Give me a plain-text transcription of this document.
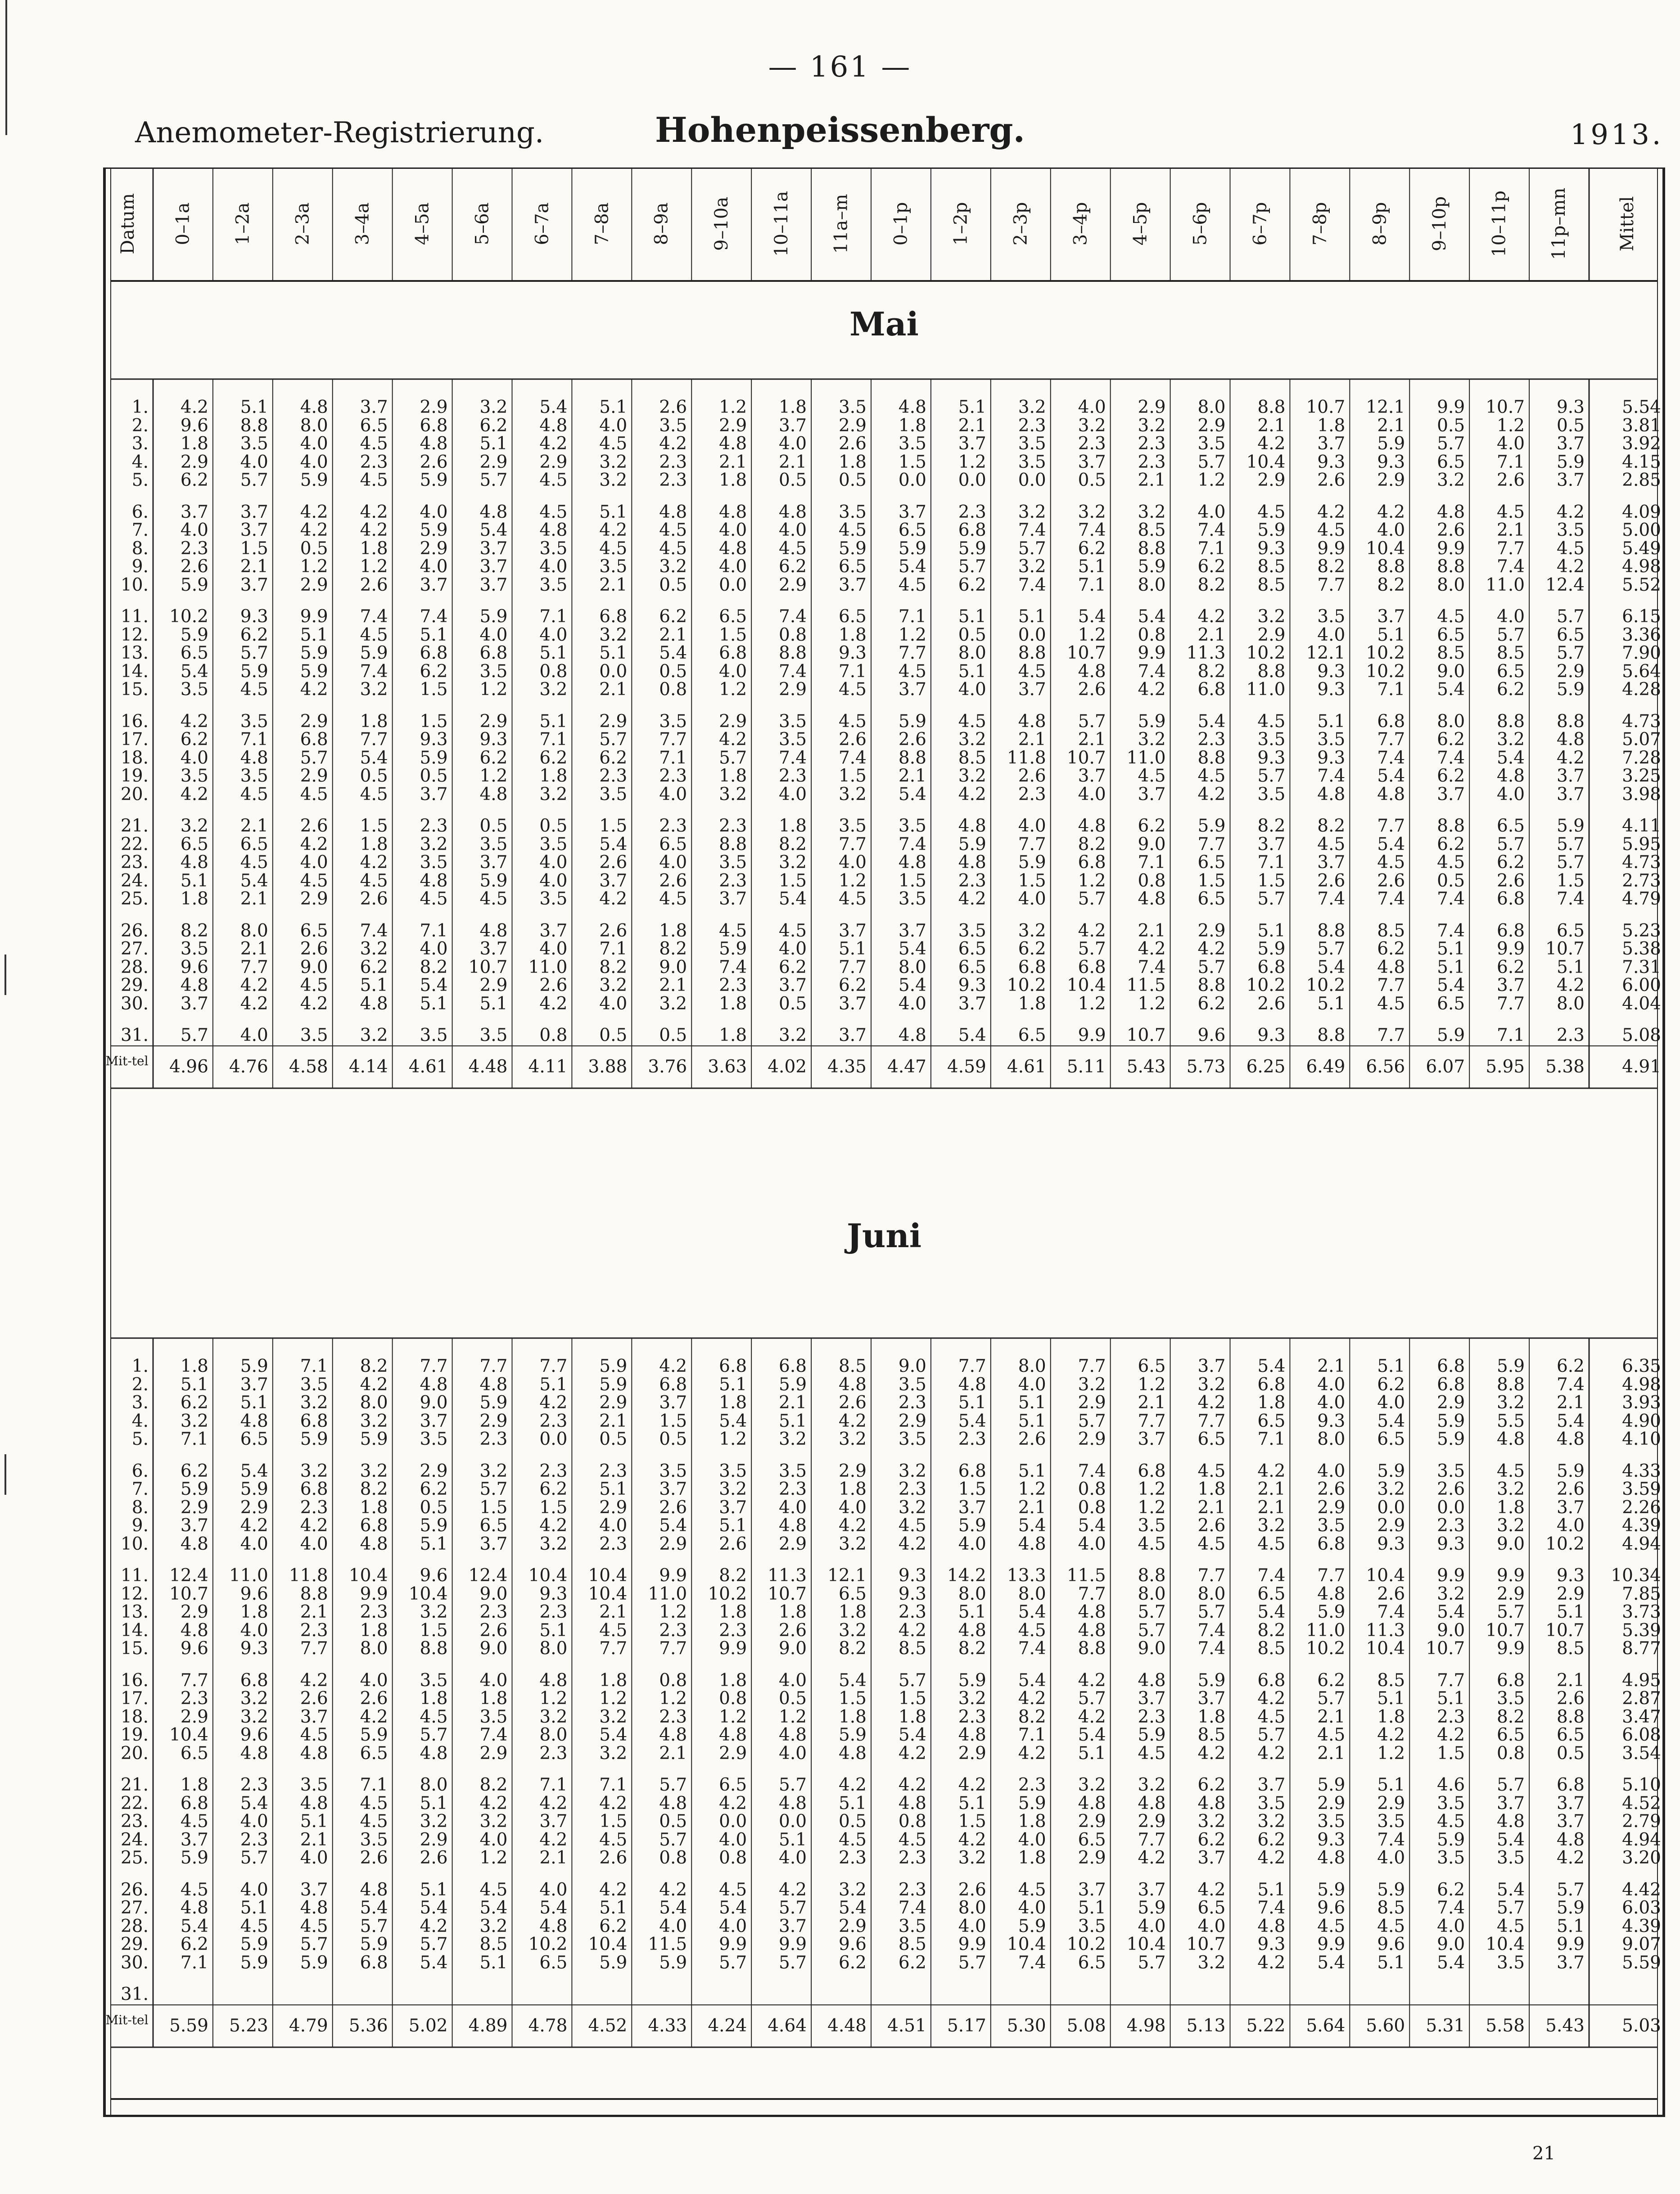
— 161 —
Anemometer-Registrierung.	Hohenpeissenberg.	1913.
Datum 0–1a 1–2a 2–3a 3–4a 4–5a 5–6a 6–7a 7–8a 8–9a 9–10a 10–11a 11a–m 0–1p 1–2p 2–3p 3–4p 4–5p 5–6p 6–7p 7–8p 8–9p 9–10p 10–11p 11p–mn	Mittel
Mai
1.	4.2	5.1	4.8	3.7	2.9	3.2	5.4	5.1	2.6	1.2	1.8	3.5	4.8	5.1	3.2	4.0	2.9	8.0	8.8	10.7	12.1	9.9	10.7	9.3	5.54
2.	9.6	8.8	8.0	6.5	6.8	6.2	4.8	4.0	3.5	2.9	3.7	2.9	1.8	2.1	2.3	3.2	3.2	2.9	2.1	1.8	2.1	0.5	1.2	0.5	3.81
3.	1.8	3.5	4.0	4.5	4.8	5.1	4.2	4.5	4.2	4.8	4.0	2.6	3.5	3.7	3.5	2.3	2.3	3.5	4.2	3.7	5.9	5.7	4.0	3.7	3.92
4.	2.9	4.0	4.0	2.3	2.6	2.9	2.9	3.2	2.3	2.1	2.1	1.8	1.5	1.2	3.5	3.7	2.3	5.7	10.4	9.3	9.3	6.5	7.1	5.9	4.15
5.	6.2	5.7	5.9	4.5	5.9	5.7	4.5	3.2	2.3	1.8	0.5	0.5	0.0	0.0	0.0	0.5	2.1	1.2	2.9	2.6	2.9	3.2	2.6	3.7	2.85
6.	3.7	3.7	4.2	4.2	4.0	4.8	4.5	5.1	4.8	4.8	4.8	3.5	3.7	2.3	3.2	3.2	3.2	4.0	4.5	4.2	4.2	4.8	4.5	4.2	4.09
7.	4.0	3.7	4.2	4.2	5.9	5.4	4.8	4.2	4.5	4.0	4.0	4.5	6.5	6.8	7.4	7.4	8.5	7.4	5.9	4.5	4.0	2.6	2.1	3.5	5.00
8.	2.3	1.5	0.5	1.8	2.9	3.7	3.5	4.5	4.5	4.8	4.5	5.9	5.9	5.9	5.7	6.2	8.8	7.1	9.3	9.9	10.4	9.9	7.7	4.5	5.49
9.	2.6	2.1	1.2	1.2	4.0	3.7	4.0	3.5	3.2	4.0	6.2	6.5	5.4	5.7	3.2	5.1	5.9	6.2	8.5	8.2	8.8	8.8	7.4	4.2	4.98
10.	5.9	3.7	2.9	2.6	3.7	3.7	3.5	2.1	0.5	0.0	2.9	3.7	4.5	6.2	7.4	7.1	8.0	8.2	8.5	7.7	8.2	8.0	11.0	12.4	5.52
11.	10.2	9.3	9.9	7.4	7.4	5.9	7.1	6.8	6.2	6.5	7.4	6.5	7.1	5.1	5.1	5.4	5.4	4.2	3.2	3.5	3.7	4.5	4.0	5.7	6.15
12.	5.9	6.2	5.1	4.5	5.1	4.0	4.0	3.2	2.1	1.5	0.8	1.8	1.2	0.5	0.0	1.2	0.8	2.1	2.9	4.0	5.1	6.5	5.7	6.5	3.36
13.	6.5	5.7	5.9	5.9	6.8	6.8	5.1	5.1	5.4	6.8	8.8	9.3	7.7	8.0	8.8	10.7	9.9	11.3	10.2	12.1	10.2	8.5	8.5	5.7	7.90
14.	5.4	5.9	5.9	7.4	6.2	3.5	0.8	0.0	0.5	4.0	7.4	7.1	4.5	5.1	4.5	4.8	7.4	8.2	8.8	9.3	10.2	9.0	6.5	2.9	5.64
15.	3.5	4.5	4.2	3.2	1.5	1.2	3.2	2.1	0.8	1.2	2.9	4.5	3.7	4.0	3.7	2.6	4.2	6.8	11.0	9.3	7.1	5.4	6.2	5.9	4.28
16.	4.2	3.5	2.9	1.8	1.5	2.9	5.1	2.9	3.5	2.9	3.5	4.5	5.9	4.5	4.8	5.7	5.9	5.4	4.5	5.1	6.8	8.0	8.8	8.8	4.73
17.	6.2	7.1	6.8	7.7	9.3	9.3	7.1	5.7	7.7	4.2	3.5	2.6	2.6	3.2	2.1	2.1	3.2	2.3	3.5	3.5	7.7	6.2	3.2	4.8	5.07
18.	4.0	4.8	5.7	5.4	5.9	6.2	6.2	6.2	7.1	5.7	7.4	7.4	8.8	8.5	11.8	10.7	11.0	8.8	9.3	9.3	7.4	7.4	5.4	4.2	7.28
19.	3.5	3.5	2.9	0.5	0.5	1.2	1.8	2.3	2.3	1.8	2.3	1.5	2.1	3.2	2.6	3.7	4.5	4.5	5.7	7.4	5.4	6.2	4.8	3.7	3.25
20.	4.2	4.5	4.5	4.5	3.7	4.8	3.2	3.5	4.0	3.2	4.0	3.2	5.4	4.2	2.3	4.0	3.7	4.2	3.5	4.8	4.8	3.7	4.0	3.7	3.98
21.	3.2	2.1	2.6	1.5	2.3	0.5	0.5	1.5	2.3	2.3	1.8	3.5	3.5	4.8	4.0	4.8	6.2	5.9	8.2	8.2	7.7	8.8	6.5	5.9	4.11
22.	6.5	6.5	4.2	1.8	3.2	3.5	3.5	5.4	6.5	8.8	8.2	7.7	7.4	5.9	7.7	8.2	9.0	7.7	3.7	4.5	5.4	6.2	5.7	5.7	5.95
23.	4.8	4.5	4.0	4.2	3.5	3.7	4.0	2.6	4.0	3.5	3.2	4.0	4.8	4.8	5.9	6.8	7.1	6.5	7.1	3.7	4.5	4.5	6.2	5.7	4.73
24.	5.1	5.4	4.5	4.5	4.8	5.9	4.0	3.7	2.6	2.3	1.5	1.2	1.5	2.3	1.5	1.2	0.8	1.5	1.5	2.6	2.6	0.5	2.6	1.5	2.73
25.	1.8	2.1	2.9	2.6	4.5	4.5	3.5	4.2	4.5	3.7	5.4	4.5	3.5	4.2	4.0	5.7	4.8	6.5	5.7	7.4	7.4	7.4	6.8	7.4	4.79
26.	8.2	8.0	6.5	7.4	7.1	4.8	3.7	2.6	1.8	4.5	4.5	3.7	3.7	3.5	3.2	4.2	2.1	2.9	5.1	8.8	8.5	7.4	6.8	6.5	5.23
27.	3.5	2.1	2.6	3.2	4.0	3.7	4.0	7.1	8.2	5.9	4.0	5.1	5.4	6.5	6.2	5.7	4.2	4.2	5.9	5.7	6.2	5.1	9.9	10.7	5.38
28.	9.6	7.7	9.0	6.2	8.2	10.7	11.0	8.2	9.0	7.4	6.2	7.7	8.0	6.5	6.8	6.8	7.4	5.7	6.8	5.4	4.8	5.1	6.2	5.1	7.31
29.	4.8	4.2	4.5	5.1	5.4	2.9	2.6	3.2	2.1	2.3	3.7	6.2	5.4	9.3	10.2	10.4	11.5	8.8	10.2	10.2	7.7	5.4	3.7	4.2	6.00
30.	3.7	4.2	4.2	4.8	5.1	5.1	4.2	4.0	3.2	1.8	0.5	3.7	4.0	3.7	1.8	1.2	1.2	6.2	2.6	5.1	4.5	6.5	7.7	8.0	4.04
31.	5.7	4.0	3.5	3.2	3.5	3.5	0.8	0.5	0.5	1.8	3.2	3.7	4.8	5.4	6.5	9.9	10.7	9.6	9.3	8.8	7.7	5.9	7.1	2.3	5.08
Mit-tel	4.96	4.76	4.58	4.14	4.61	4.48	4.11	3.88	3.76	3.63	4.02	4.35	4.47	4.59	4.61	5.11	5.43	5.73	6.25	6.49	6.56	6.07	5.95	5.38	4.91
Juni
1.	1.8	5.9	7.1	8.2	7.7	7.7	7.7	5.9	4.2	6.8	6.8	8.5	9.0	7.7	8.0	7.7	6.5	3.7	5.4	2.1	5.1	6.8	5.9	6.2	6.35
2.	5.1	3.7	3.5	4.2	4.8	4.8	5.1	5.9	6.8	5.1	5.9	4.8	3.5	4.8	4.0	3.2	1.2	3.2	6.8	4.0	6.2	6.8	8.8	7.4	4.98
3.	6.2	5.1	3.2	8.0	9.0	5.9	4.2	2.9	3.7	1.8	2.1	2.6	2.3	5.1	5.1	2.9	2.1	4.2	1.8	4.0	4.0	2.9	3.2	2.1	3.93
4.	3.2	4.8	6.8	3.2	3.7	2.9	2.3	2.1	1.5	5.4	5.1	4.2	2.9	5.4	5.1	5.7	7.7	7.7	6.5	9.3	5.4	5.9	5.5	5.4	4.90
5.	7.1	6.5	5.9	5.9	3.5	2.3	0.0	0.5	0.5	1.2	3.2	3.2	3.5	2.3	2.6	2.9	3.7	6.5	7.1	8.0	6.5	5.9	4.8	4.8	4.10
6.	6.2	5.4	3.2	3.2	2.9	3.2	2.3	2.3	3.5	3.5	3.5	2.9	3.2	6.8	5.1	7.4	6.8	4.5	4.2	4.0	5.9	3.5	4.5	5.9	4.33
7.	5.9	5.9	6.8	8.2	6.2	5.7	6.2	5.1	3.7	3.2	2.3	1.8	2.3	1.5	1.2	0.8	1.2	1.8	2.1	2.6	3.2	2.6	3.2	2.6	3.59
8.	2.9	2.9	2.3	1.8	0.5	1.5	1.5	2.9	2.6	3.7	4.0	4.0	3.2	3.7	2.1	0.8	1.2	2.1	2.1	2.9	0.0	0.0	1.8	3.7	2.26
9.	3.7	4.2	4.2	6.8	5.9	6.5	4.2	4.0	5.4	5.1	4.8	4.2	4.5	5.9	5.4	5.4	3.5	2.6	3.2	3.5	2.9	2.3	3.2	4.0	4.39
10.	4.8	4.0	4.0	4.8	5.1	3.7	3.2	2.3	2.9	2.6	2.9	3.2	4.2	4.0	4.8	4.0	4.5	4.5	4.5	6.8	9.3	9.3	9.0	10.2	4.94
11.	12.4	11.0	11.8	10.4	9.6	12.4	10.4	10.4	9.9	8.2	11.3	12.1	9.3	14.2	13.3	11.5	8.8	7.7	7.4	7.7	10.4	9.9	9.9	9.3 10.34
12.	10.7	9.6	8.8	9.9	10.4	9.0	9.3	10.4	11.0	10.2	10.7	6.5	9.3	8.0	8.0	7.7	8.0	8.0	6.5	4.8	2.6	3.2	2.9	2.9	7.85
13.	2.9	1.8	2.1	2.3	3.2	2.3	2.3	2.1	1.2	1.8	1.8	1.8	2.3	5.1	5.4	4.8	5.7	5.7	5.4	5.9	7.4	5.4	5.7	5.1	3.73
14.	4.8	4.0	2.3	1.8	1.5	2.6	5.1	4.5	2.3	2.3	2.6	3.2	4.2	4.8	4.5	4.8	5.7	7.4	8.2	11.0	11.3	9.0	10.7	10.7	5.39
15.	9.6	9.3	7.7	8.0	8.8	9.0	8.0	7.7	7.7	9.9	9.0	8.2	8.5	8.2	7.4	8.8	9.0	7.4	8.5	10.2	10.4	10.7	9.9	8.5	8.77
16.	7.7	6.8	4.2	4.0	3.5	4.0	4.8	1.8	0.8	1.8	4.0	5.4	5.7	5.9	5.4	4.2	4.8	5.9	6.8	6.2	8.5	7.7	6.8	2.1	4.95
17.	2.3	3.2	2.6	2.6	1.8	1.8	1.2	1.2	1.2	0.8	0.5	1.5	1.5	3.2	4.2	5.7	3.7	3.7	4.2	5.7	5.1	5.1	3.5	2.6	2.87
18.	2.9	3.2	3.7	4.2	4.5	3.5	3.2	3.2	2.3	1.2	1.2	1.8	1.8	2.3	8.2	4.2	2.3	1.8	4.5	2.1	1.8	2.3	8.2	8.8	3.47
19.	10.4	9.6	4.5	5.9	5.7	7.4	8.0	5.4	4.8	4.8	4.8	5.9	5.4	4.8	7.1	5.4	5.9	8.5	5.7	4.5	4.2	4.2	6.5	6.5	6.08
20.	6.5	4.8	4.8	6.5	4.8	2.9	2.3	3.2	2.1	2.9	4.0	4.8	4.2	2.9	4.2	5.1	4.5	4.2	4.2	2.1	1.2	1.5	0.8	0.5	3.54
21.	1.8	2.3	3.5	7.1	8.0	8.2	7.1	7.1	5.7	6.5	5.7	4.2	4.2	4.2	2.3	3.2	3.2	6.2	3.7	5.9	5.1	4.6	5.7	6.8	5.10
22.	6.8	5.4	4.8	4.5	5.1	4.2	4.2	4.2	4.8	4.2	4.8	5.1	4.8	5.1	5.9	4.8	4.8	4.8	3.5	2.9	2.9	3.5	3.7	3.7	4.52
23.	4.5	4.0	5.1	4.5	3.2	3.2	3.7	1.5	0.5	0.0	0.0	0.5	0.8	1.5	1.8	2.9	2.9	3.2	3.2	3.5	3.5	4.5	4.8	3.7	2.79
24.	3.7	2.3	2.1	3.5	2.9	4.0	4.2	4.5	5.7	4.0	5.1	4.5	4.5	4.2	4.0	6.5	7.7	6.2	6.2	9.3	7.4	5.9	5.4	4.8	4.94
25.	5.9	5.7	4.0	2.6	2.6	1.2	2.1	2.6	0.8	0.8	4.0	2.3	2.3	3.2	1.8	2.9	4.2	3.7	4.2	4.8	4.0	3.5	3.5	4.2	3.20
26.	4.5	4.0	3.7	4.8	5.1	4.5	4.0	4.2	4.2	4.5	4.2	3.2	2.3	2.6	4.5	3.7	3.7	4.2	5.1	5.9	5.9	6.2	5.4	5.7	4.42
27.	4.8	5.1	4.8	5.4	5.4	5.4	5.4	5.1	5.4	5.4	5.7	5.4	7.4	8.0	4.0	5.1	5.9	6.5	7.4	9.6	8.5	7.4	5.7	5.9	6.03
28.	5.4	4.5	4.5	5.7	4.2	3.2	4.8	6.2	4.0	4.0	3.7	2.9	3.5	4.0	5.9	3.5	4.0	4.0	4.8	4.5	4.5	4.0	4.5	5.1	4.39
29.	6.2	5.9	5.7	5.9	5.7	8.5	10.2	10.4	11.5	9.9	9.9	9.6	8.5	9.9	10.4	10.2	10.4	10.7	9.3	9.9	9.6	9.0	10.4	9.9	9.07
30.	7.1	5.9	5.9	6.8	5.4	5.1	6.5	5.9	5.9	5.7	5.7	6.2	6.2	5.7	7.4	6.5	5.7	3.2	4.2	5.4	5.1	5.4	3.5	3.7	5.59
31.
Mit-tel	5.59	5.23	4.79	5.36	5.02	4.89	4.78	4.52	4.33	4.24	4.64	4.48	4.51	5.17	5.30	5.08	4.98	5.13	5.22	5.64	5.60	5.31	5.58	5.43	5.03
21
